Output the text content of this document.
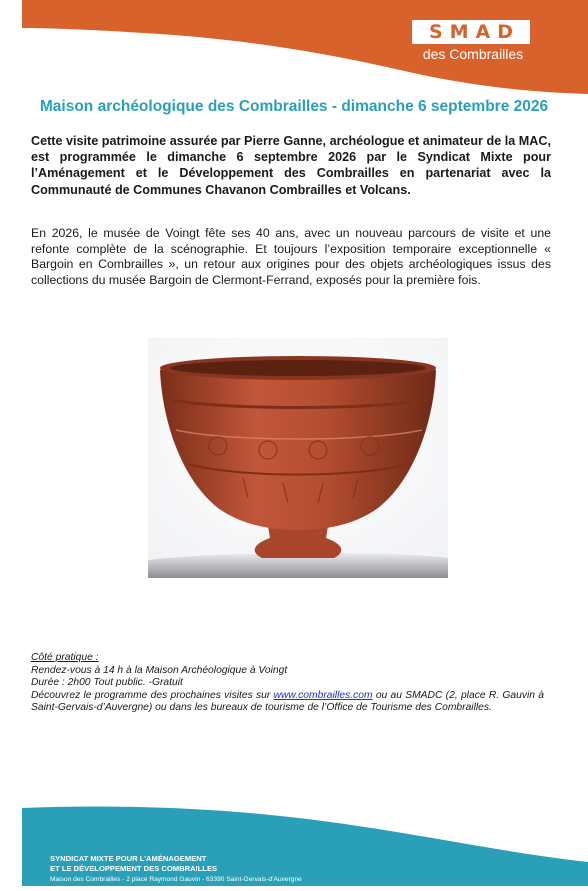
SMAD
des Combrailles
Maison archéologique des Combrailles - dimanche 6 septembre 2026
Cette visite patrimoine assurée par Pierre Ganne, archéologue et animateur de la MAC, est programmée le dimanche 6 septembre 2026 par le Syndicat Mixte pour l’Aménagement et le Développement des Combrailles en partenariat avec la Communauté de Communes Chavanon Combrailles et Volcans.
En 2026, le musée de Voingt fête ses 40 ans, avec un nouveau parcours de visite et une refonte complète de la scénographie. Et toujours l’exposition temporaire exceptionnelle « Bargoin en Combrailles », un retour aux origines pour des objets archéologiques issus des collections du musée Bargoin de Clermont-Ferrand, exposés pour la première fois.

Côté pratique :

Rendez-vous à 14 h à la Maison Archéologique à Voingt

Durée : 2h00 Tout public. -Gratuit

Découvrez le programme des prochaines visites sur www.combrailles.com ou au SMADC (2, place R. Gauvin à Saint-Gervais-d’Auvergne) ou dans les bureaux de tourisme de l’Office de Tourisme des Combrailles.

SYNDICAT MIXTE POUR L’AMÉNAGEMENT
ET LE DÉVELOPPEMENT DES COMBRAILLES
Maison des Combrailles - 2 place Raymond Gauvin - 63390 Saint-Gervais-d’Auvergne
